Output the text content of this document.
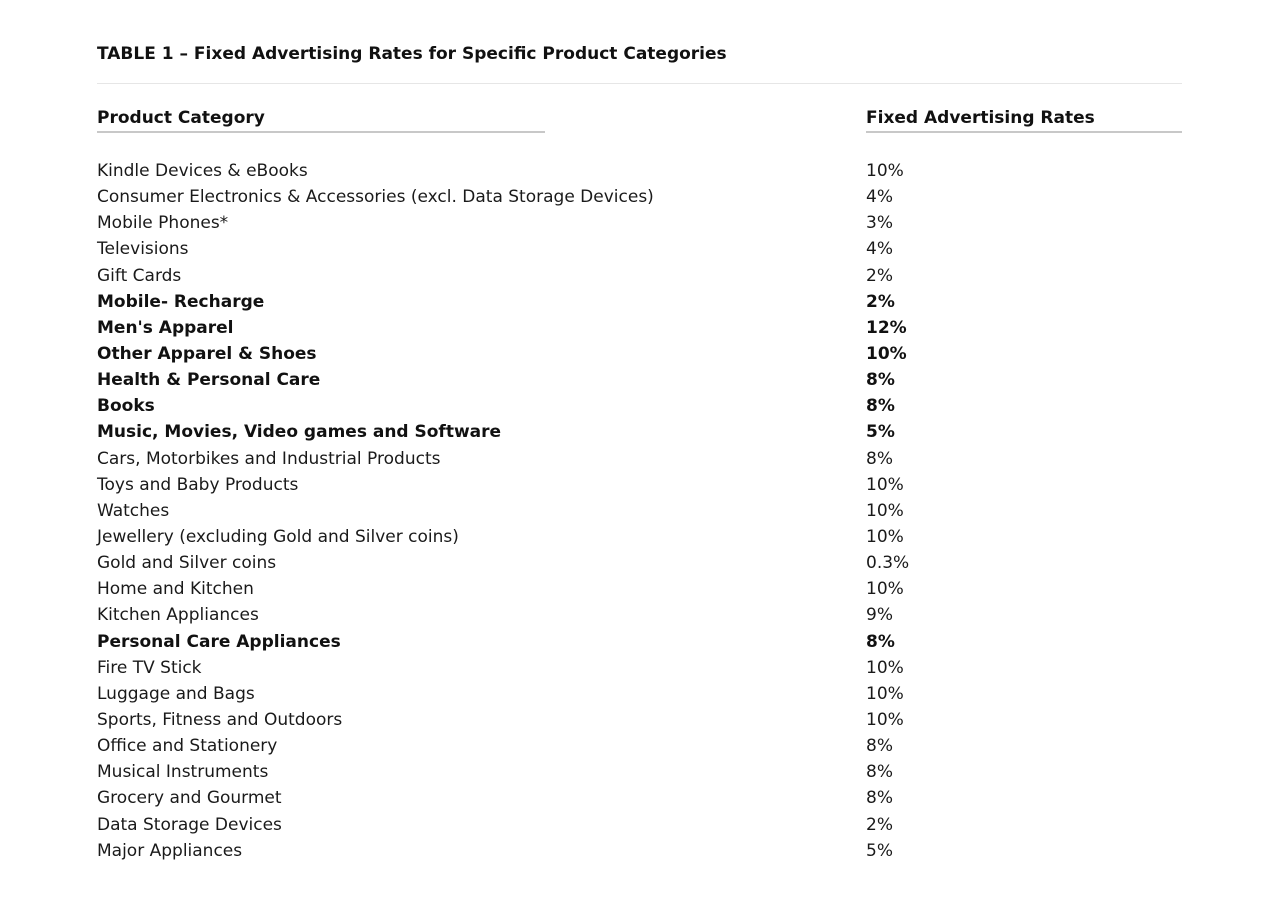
TABLE 1 – Fixed Advertising Rates for Specific Product Categories
Product Category	Fixed Advertising Rates
Kindle Devices & eBooks	10%
Consumer Electronics & Accessories (excl. Data Storage Devices)	4%
Mobile Phones*	3%
Televisions	4%
Gift Cards	2%
Mobile- Recharge	2%
Men's Apparel	12%
Other Apparel & Shoes	10%
Health & Personal Care	8%
Books	8%
Music, Movies, Video games and Software	5%
Cars, Motorbikes and Industrial Products	8%
Toys and Baby Products	10%
Watches	10%
Jewellery (excluding Gold and Silver coins)	10%
Gold and Silver coins	0.3%
Home and Kitchen	10%
Kitchen Appliances	9%
Personal Care Appliances	8%
Fire TV Stick	10%
Luggage and Bags	10%
Sports, Fitness and Outdoors	10%
Office and Stationery	8%
Musical Instruments	8%
Grocery and Gourmet	8%
Data Storage Devices	2%
Major Appliances	5%
